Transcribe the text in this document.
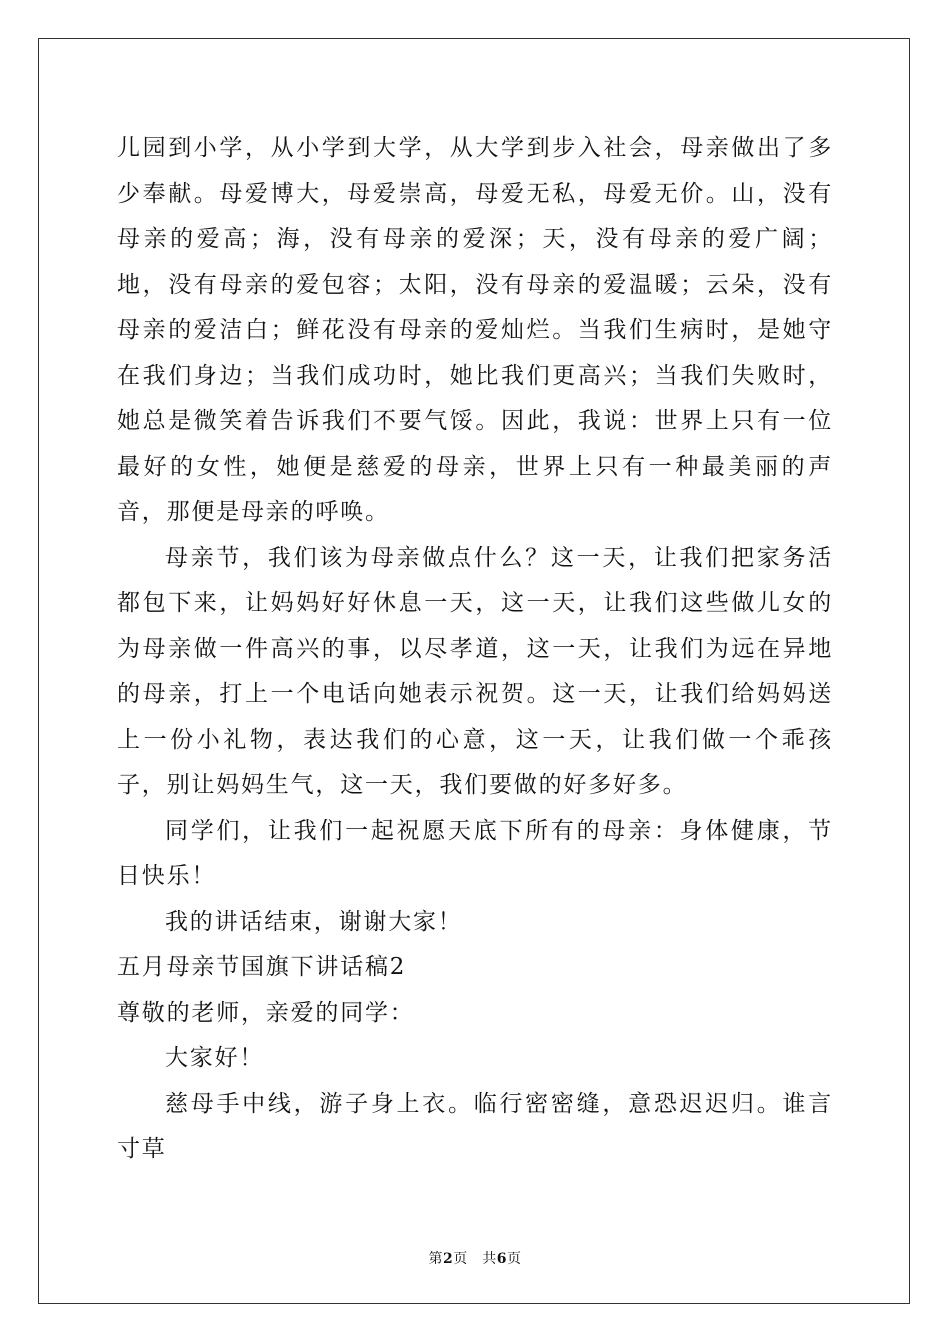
儿园到小学，从小学到大学，从大学到步入社会，母亲做出了多少奉献。母爱博大，母爱崇高，母爱无私，母爱无价。山，没有母亲的爱高；海，没有母亲的爱深；天，没有母亲的爱广阔；地，没有母亲的爱包容；太阳，没有母亲的爱温暖；云朵，没有母亲的爱洁白；鲜花没有母亲的爱灿烂。当我们生病时，是她守在我们身边；当我们成功时，她比我们更高兴；当我们失败时，她总是微笑着告诉我们不要气馁。因此，我说：世界上只有一位最好的女性，她便是慈爱的母亲，世界上只有一种最美丽的声音，那便是母亲的呼唤。

母亲节，我们该为母亲做点什么？这一天，让我们把家务活都包下来，让妈妈好好休息一天，这一天，让我们这些做儿女的为母亲做一件高兴的事，以尽孝道，这一天，让我们为远在异地的母亲，打上一个电话向她表示祝贺。这一天，让我们给妈妈送上一份小礼物，表达我们的心意，这一天，让我们做一个乖孩子，别让妈妈生气，这一天，我们要做的好多好多。

同学们，让我们一起祝愿天底下所有的母亲：身体健康，节日快乐！

我的讲话结束，谢谢大家！

五月母亲节国旗下讲话稿2

尊敬的老师，亲爱的同学：

大家好！

慈母手中线，游子身上衣。临行密密缝，意恐迟迟归。谁言寸草

第2页　共6页
